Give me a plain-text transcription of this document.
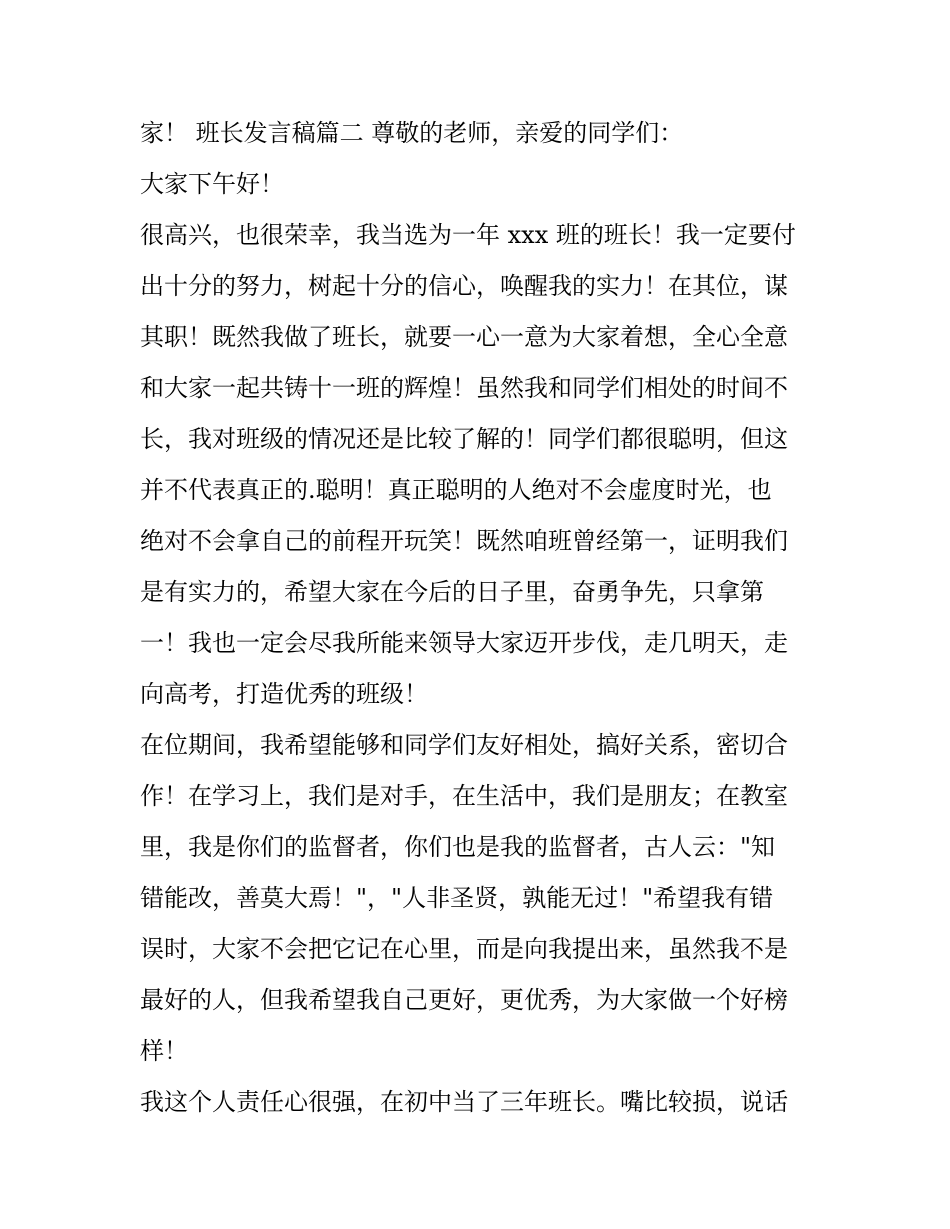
家！ 班长发言稿篇二 尊敬的老师，亲爱的同学们：
大家下午好！
很高兴，也很荣幸，我当选为一年 xxx 班的班长！我一定要付
出十分的努力，树起十分的信心，唤醒我的实力！在其位，谋
其职！既然我做了班长，就要一心一意为大家着想，全心全意
和大家一起共铸十一班的辉煌！虽然我和同学们相处的时间不
长，我对班级的情况还是比较了解的！同学们都很聪明，但这
并不代表真正的.聪明！真正聪明的人绝对不会虚度时光，也
绝对不会拿自己的前程开玩笑！既然咱班曾经第一，证明我们
是有实力的，希望大家在今后的日子里，奋勇争先，只拿第
一！我也一定会尽我所能来领导大家迈开步伐，走几明天，走
向高考，打造优秀的班级！
在位期间，我希望能够和同学们友好相处，搞好关系，密切合
作！在学习上，我们是对手，在生活中，我们是朋友；在教室
里，我是你们的监督者，你们也是我的监督者，古人云："知
错能改，善莫大焉！"，"人非圣贤，孰能无过！"希望我有错
误时，大家不会把它记在心里，而是向我提出来，虽然我不是
最好的人，但我希望我自己更好，更优秀，为大家做一个好榜
样！
我这个人责任心很强，在初中当了三年班长。嘴比较损，说话
